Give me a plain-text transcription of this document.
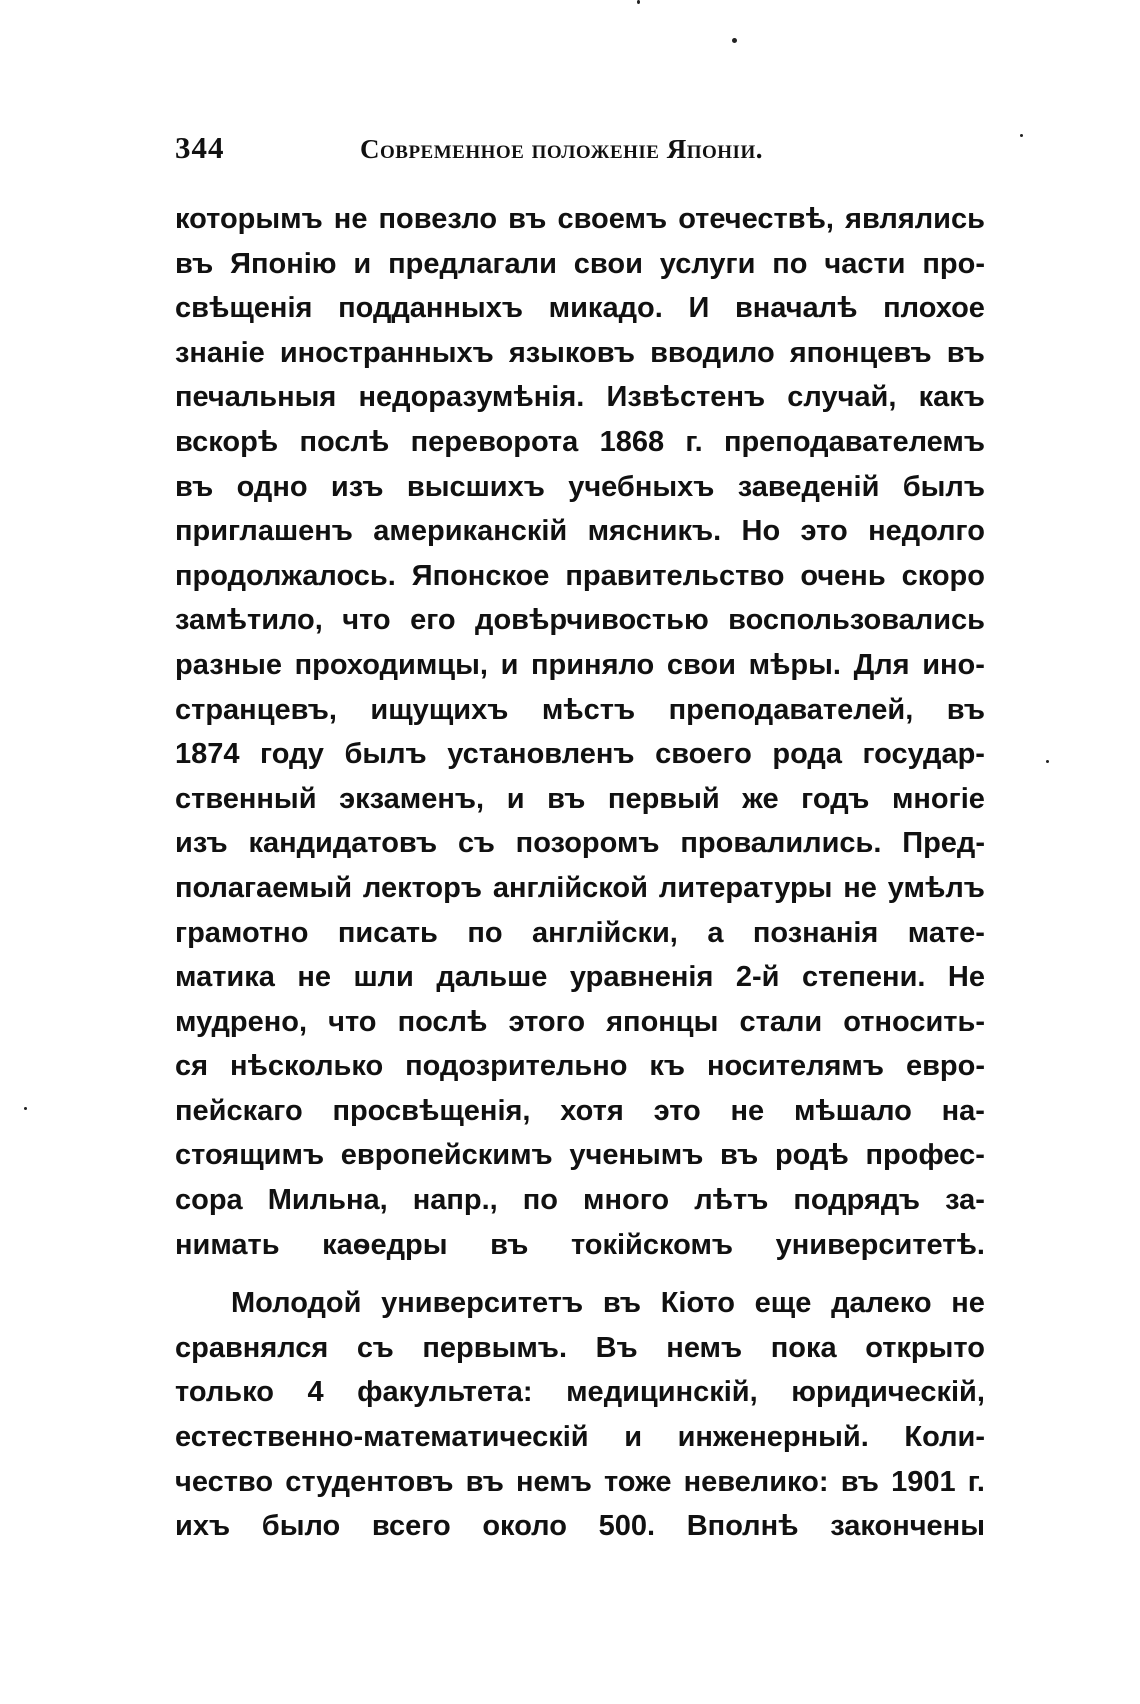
344	Современное положеніе Японіи.
которымъ не повезло въ своемъ отечествѣ, являлись
въ Японію и предлагали свои услуги по части про-
свѣщенія подданныхъ микадо. И вначалѣ плохое
знаніе иностранныхъ языковъ вводило японцевъ въ
печальныя недоразумѣнія. Извѣстенъ случай, какъ
вскорѣ послѣ переворота 1868 г. преподавателемъ
въ одно изъ высшихъ учебныхъ заведеній былъ
приглашенъ американскій мясникъ. Но это недолго
продолжалось. Японское правительство очень скоро
замѣтило, что его довѣрчивостью воспользовались
разные проходимцы, и приняло свои мѣры. Для ино-
странцевъ, ищущихъ мѣстъ преподавателей, въ
1874 году былъ установленъ своего рода государ-
ственный экзаменъ, и въ первый же годъ многіе
изъ кандидатовъ съ позоромъ провалились. Пред-
полагаемый лекторъ англійской литературы не умѣлъ
грамотно писать по англійски, а познанія мате-
матика не шли дальше уравненія 2-й степени. Не
мудрено, что послѣ этого японцы стали относить-
ся нѣсколько подозрительно къ носителямъ евро-
пейскаго просвѣщенія, хотя это не мѣшало на-
стоящимъ европейскимъ ученымъ въ родѣ профес-
сора Мильна, напр., по много лѣтъ подрядъ за-
нимать каѳедры въ токійскомъ университетѣ.
Молодой университетъ въ Кіото еще далеко не
сравнялся съ первымъ. Въ немъ пока открыто
только 4 факультета: медицинскій, юридическій,
естественно-математическій и инженерный. Коли-
чество студентовъ въ немъ тоже невелико: въ 1901 г.
ихъ было всего около 500. Вполнѣ закончены
